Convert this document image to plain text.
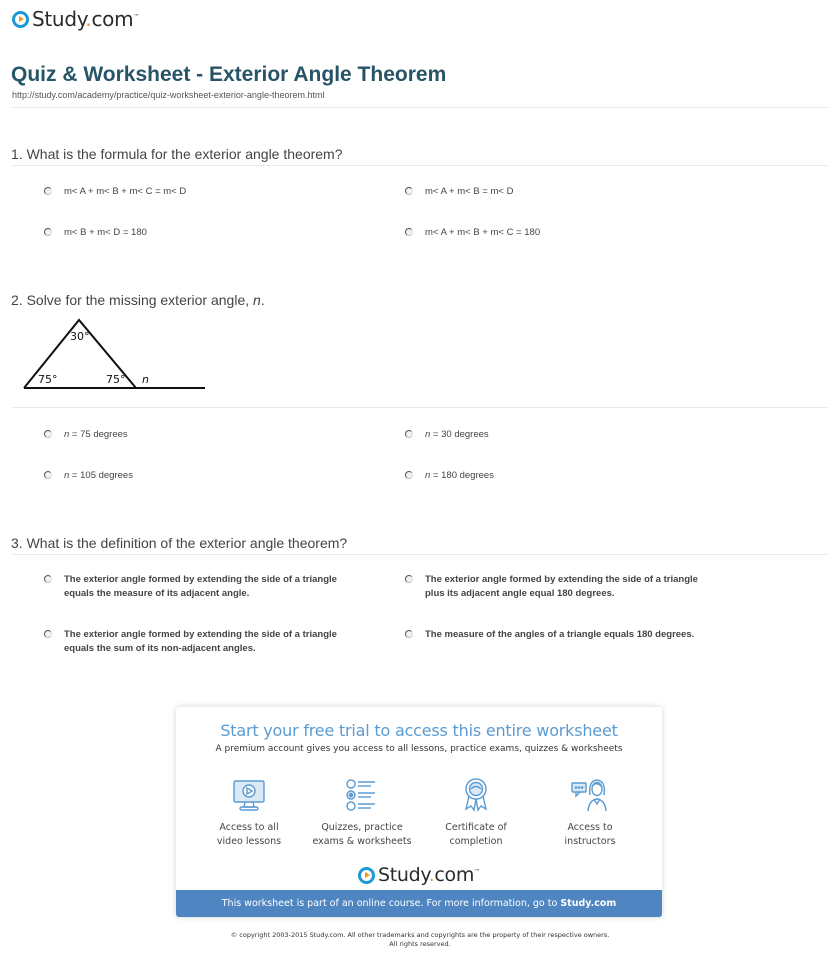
Study.com™
Quiz & Worksheet - Exterior Angle Theorem
http://study.com/academy/practice/quiz-worksheet-exterior-angle-theorem.html
1. What is the formula for the exterior angle theorem?
m< A + m< B + m< C = m< D	m< A + m< B = m< D
m< B + m< D = 180	m< A + m< B + m< C = 180
2. Solve for the missing exterior angle, n.
30°
75°	75° n
n = 75 degrees	n = 30 degrees
n = 105 degrees	n = 180 degrees
3. What is the definition of the exterior angle theorem?
The exterior angle formed by extending the side of a triangle
equals the measure of its adjacent angle.
The exterior angle formed by extending the side of a triangle
plus its adjacent angle equal 180 degrees.
The exterior angle formed by extending the side of a triangle
equals the sum of its non-adjacent angles.
The measure of the angles of a triangle equals 180 degrees.
Start your free trial to access this entire worksheet
A premium account gives you access to all lessons, practice exams, quizzes & worksheets
Access to all
video lessons
Quizzes, practice
exams & worksheets
Certificate of
completion
Access to
instructors
Study.com™
This worksheet is part of an online course. For more information, go to Study.com
© copyright 2003-2015 Study.com. All other trademarks and copyrights are the property of their respective owners.
All rights reserved.
